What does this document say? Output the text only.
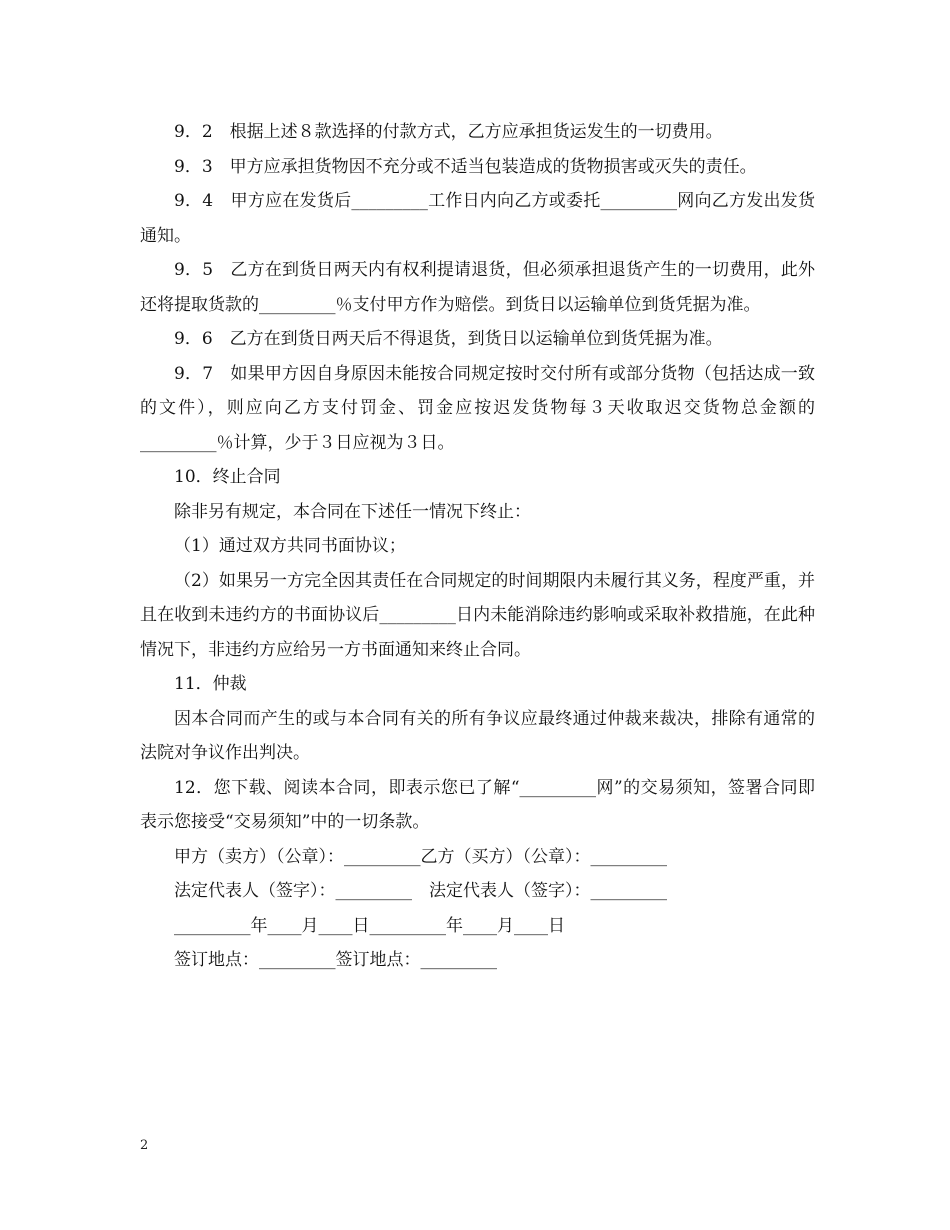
9．2　根据上述８款选择的付款方式，乙方应承担货运发生的一切费用。

9．3　甲方应承担货物因不充分或不适当包装造成的货物损害或灭失的责任。

9．4　甲方应在发货后_________工作日内向乙方或委托_________网向乙方发出发货通知。

9．5　乙方在到货日两天内有权利提请退货，但必须承担退货产生的一切费用，此外还将提取货款的_________％支付甲方作为赔偿。到货日以运输单位到货凭据为准。

9．6　乙方在到货日两天后不得退货，到货日以运输单位到货凭据为准。

9．7　如果甲方因自身原因未能按合同规定按时交付所有或部分货物（包括达成一致的文件），则应向乙方支付罚金、罚金应按迟发货物每３天收取迟交货物总金额的_________％计算，少于３日应视为３日。

10．终止合同

除非另有规定，本合同在下述任一情况下终止：

（1）通过双方共同书面协议；

（2）如果另一方完全因其责任在合同规定的时间期限内未履行其义务，程度严重，并且在收到未违约方的书面协议后_________日内未能消除违约影响或采取补救措施，在此种情况下，非违约方应给另一方书面通知来终止合同。

11．仲裁

因本合同而产生的或与本合同有关的所有争议应最终通过仲裁来裁决，排除有通常的法院对争议作出判决。

12．您下载、阅读本合同，即表示您已了解“_________网”的交易须知，签署合同即表示您接受“交易须知”中的一切条款。

甲方（卖方）（公章）：_________乙方（买方）（公章）：_________

法定代表人（签字）：_________　法定代表人（签字）：_________

_________年____月____日_________年____月____日

签订地点：_________签订地点：_________

2
